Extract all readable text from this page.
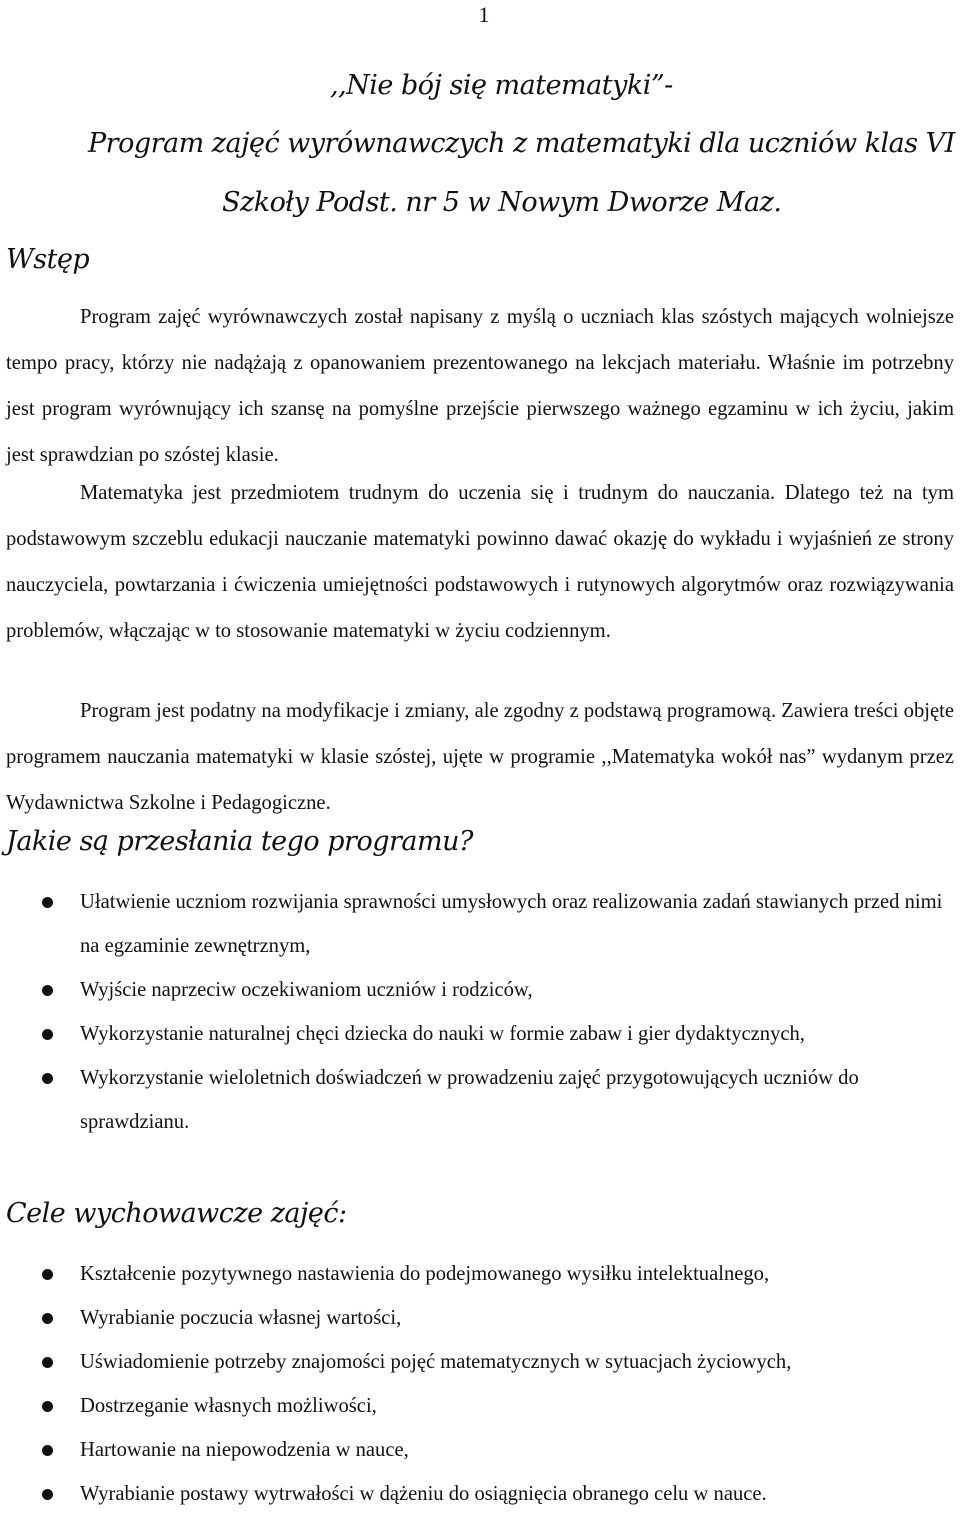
1
,,Nie bój się matematyki”-
Program zajęć wyrównawczych z matematyki dla uczniów klas VI
Szkoły Podst. nr 5 w Nowym Dworze Maz.
Wstęp

Program zajęć wyrównawczych został napisany z myślą o uczniach klas szóstych mających wolniejsze tempo pracy, którzy nie nadążają z opanowaniem prezentowanego na lekcjach materiału. Właśnie im potrzebny jest program wyrównujący ich szansę na pomyślne przejście pierwszego ważnego egzaminu w ich życiu, jakim jest sprawdzian po szóstej klasie.

Matematyka jest przedmiotem trudnym do uczenia się i trudnym do nauczania. Dlatego też na tym podstawowym szczeblu edukacji nauczanie matematyki powinno dawać okazję do wykładu i wyjaśnień ze strony nauczyciela, powtarzania i ćwiczenia umiejętności podstawowych i rutynowych algorytmów oraz rozwiązywania problemów, włączając w to stosowanie matematyki w życiu codziennym.

Program jest podatny na modyfikacje i zmiany, ale zgodny z podstawą programową. Zawiera treści objęte programem nauczania matematyki w klasie szóstej, ujęte w programie ,,Matematyka wokół nas” wydanym przez Wydawnictwa Szkolne i Pedagogiczne.

Jakie są przesłania tego programu?
Ułatwienie uczniom rozwijania sprawności umysłowych oraz realizowania zadań stawianych przed nimi na egzaminie zewnętrznym,
Wyjście naprzeciw oczekiwaniom uczniów i rodziców,
Wykorzystanie naturalnej chęci dziecka do nauki w formie zabaw i gier dydaktycznych,
Wykorzystanie wieloletnich doświadczeń w prowadzeniu zajęć przygotowujących uczniów do sprawdzianu.
Cele wychowawcze zajęć:
Kształcenie pozytywnego nastawienia do podejmowanego wysiłku intelektualnego,
Wyrabianie poczucia własnej wartości,
Uświadomienie potrzeby znajomości pojęć matematycznych w sytuacjach życiowych,
Dostrzeganie własnych możliwości,
Hartowanie na niepowodzenia w nauce,
Wyrabianie postawy wytrwałości w dążeniu do osiągnięcia obranego celu w nauce.
